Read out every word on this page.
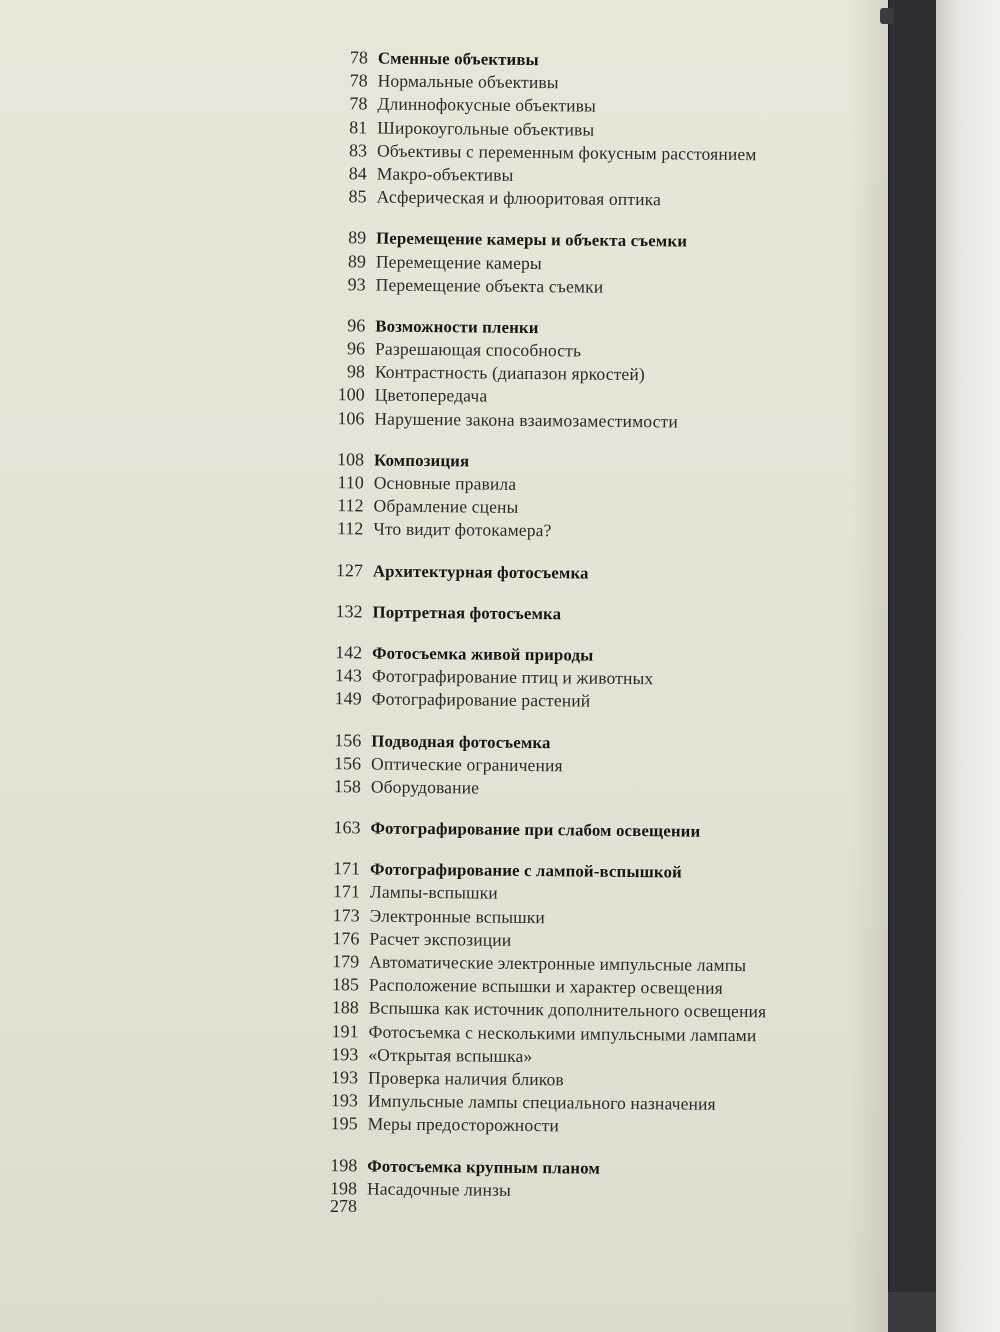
78 Сменные объективы
78 Нормальные объективы
78 Длиннофокусные объективы
81 Широкоугольные объективы
83 Объективы с переменным фокусным расстоянием
84 Макро-объективы
85 Асферическая и флюоритовая оптика
89 Перемещение камеры и объекта съемки
89 Перемещение камеры
93 Перемещение объекта съемки
96 Возможности пленки
96 Разрешающая способность
98 Контрастность (диапазон яркостей)
100 Цветопередача
106 Нарушение закона взаимозаместимости
108 Композиция
110 Основные правила
112 Обрамление сцены
112 Что видит фотокамера?
127 Архитектурная фотосъемка
132 Портретная фотосъемка
142 Фотосъемка живой природы
143 Фотографирование птиц и животных
149 Фотографирование растений
156 Подводная фотосъемка
156 Оптические ограничения
158 Оборудование
163 Фотографирование при слабом освещении
171 Фотографирование с лампой-вспышкой
171 Лампы-вспышки
173 Электронные вспышки
176 Расчет экспозиции
179 Автоматические электронные импульсные лампы
185 Расположение вспышки и характер освещения
188 Вспышка как источник дополнительного освещения
191 Фотосъемка с несколькими импульсными лампами
193 «Открытая вспышка»
193 Проверка наличия бликов
193 Импульсные лампы специального назначения
195 Меры предосторожности
198 Фотосъемка крупным планом
198 Насадочные линзы
278
